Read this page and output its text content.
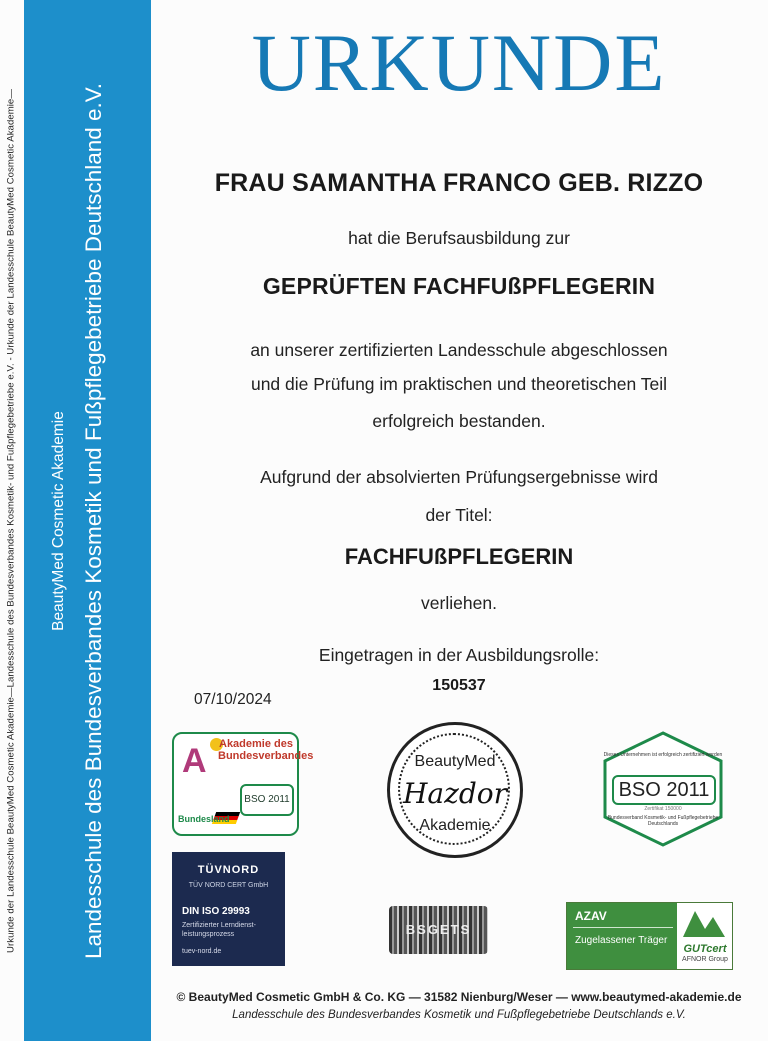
Urkunde der Landesschule BeautyMed Cosmetic Akademie—Landesschule des Bundesverbandes Kosmetik- und Fußpflegebetriebe e.V. - Urkunde der Landesschule BeautyMed Cosmetic Akademie—	Landesschule des Bundesverbandes Kosmetik und Fußpflegebetriebe Deutschland e.V.
BeautyMed Cosmetic Akademie
URKUNDE
FRAU SAMANTHA FRANCO GEB. RIZZO
hat die Berufsausbildung zur
GEPRÜFTEN FACHFUßPFLEGERIN
an unserer zertifizierten Landesschule abgeschlossen
und die Prüfung im praktischen und theoretischen Teil
erfolgreich bestanden.
Aufgrund der absolvierten Prüfungsergebnisse wird
der Titel:
FACHFUßPFLEGERIN
verliehen.
Eingetragen in der Ausbildungsrolle:
150537
07/10/2024
A Akademie des Bundesverbandes
BSO 2011
Bundesland
BeautyMed
Hazdor
Akademie
Dieses Unternehmen ist erfolgreich zertifiziert worden
BSO 2011
Zertifikat 150000
Bundesverband Kosmetik- und Fußpflegebetriebe Deutschlands
TÜVNORD
TÜV NORD CERT GmbH
DIN ISO 29993
Zertifizierter Lerndienst-leistungsprozess
tuev-nord.de
BSGETS
AZAV
Zugelassener Träger
GUTcert
AFNOR Group
© BeautyMed Cosmetic GmbH & Co. KG — 31582 Nienburg/Weser — www.beautymed-akademie.de
Landesschule des Bundesverbandes Kosmetik und Fußpflegebetriebe Deutschlands e.V.
